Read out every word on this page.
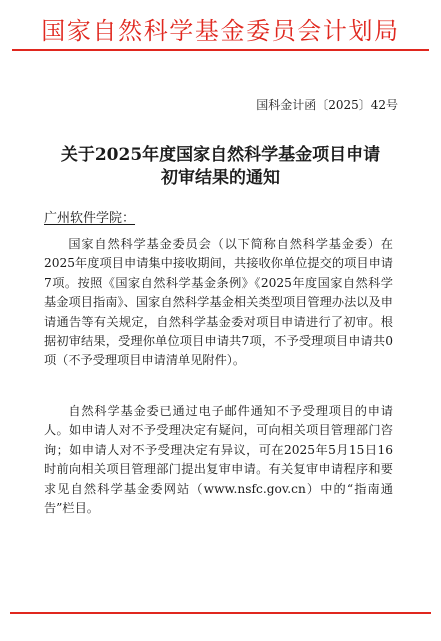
国家自然科学基金委员会计划局
国科金计函〔2025〕42号
关于2025年度国家自然科学基金项目申请
初审结果的通知
广州软件学院：

国家自然科学基金委员会（以下简称自然科学基金委）在2025年度项目申请集中接收期间，共接收你单位提交的项目申请7项。按照《国家自然科学基金条例》《2025年度国家自然科学基金项目指南》、国家自然科学基金相关类型项目管理办法以及申请通告等有关规定，自然科学基金委对项目申请进行了初审。根据初审结果，受理你单位项目申请共7项，不予受理项目申请共0项（不予受理项目申请清单见附件）。

自然科学基金委已通过电子邮件通知不予受理项目的申请人。如申请人对不予受理决定有疑问，可向相关项目管理部门咨询；如申请人对不予受理决定有异议，可在2025年5月15日16时前向相关项目管理部门提出复审申请。有关复审申请程序和要求见自然科学基金委网站（www.nsfc.gov.cn）中的“指南通告”栏目。
